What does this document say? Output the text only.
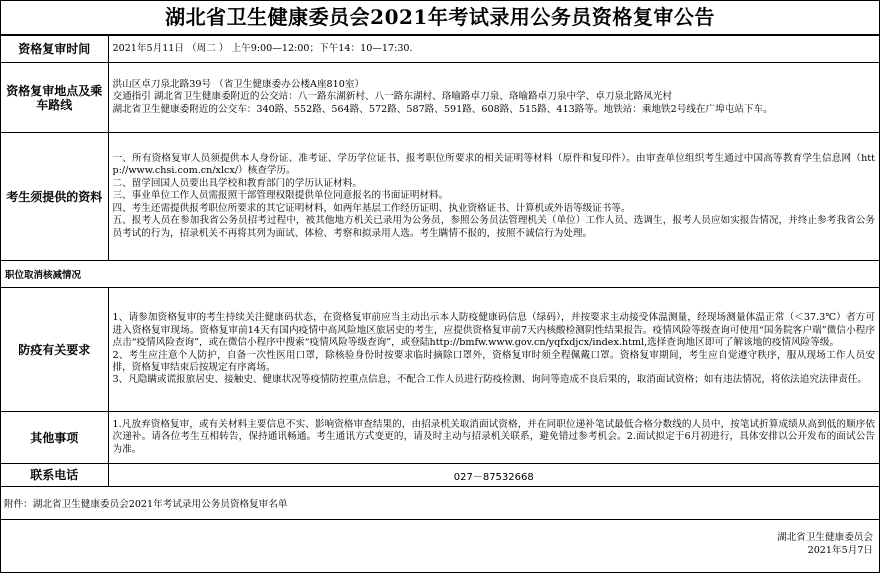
湖北省卫生健康委员会2021年考试录用公务员资格复审公告
资格复审时间	2021年5月11日 （周二 ） 上午9:00—12:00；下午14：10—17:30.
资格复审地点及乘车路线	洪山区卓刀泉北路39号 （省卫生健康委办公楼A座810室）

交通指引 湖北省卫生健康委附近的公交站：八一路东湖新村、八一路东湖村、珞喻路卓刀泉、珞喻路卓刀泉中学、卓刀泉北路凤光村

湖北省卫生健康委附近的公交车：340路、552路、564路、572路、587路、591路、608路、515路、413路等。地铁站：乘地铁2号线在广埠屯站下车。

考生须提供的资料	一、所有资格复审人员须提供本人身份证、准考证、学历学位证书、报考职位所要求的相关证明等材料（原件和复印件）。由审查单位组织考生通过中国高等教育学生信息网（http://www.chsi.com.cn/xlcx/）核查学历。

二、留学回国人员要出具学校和教育部门的学历认证材料。

三、事业单位工作人员需报照干部管理权限提供单位同意报名的书面证明材料。

四、考生还需提供报考职位所要求的其它证明材料，如两年基层工作经历证明、执业资格证书、计算机或外语等级证书等。

五、报考人员在参加我省公务员招考过程中，被其他地方机关已录用为公务员，参照公务员法管理机关（单位）工作人员、选调生，报考人员应如实报告情况，并终止参考我省公务员考试的行为，招录机关不再将其列为面试、体检、考察和拟录用人选。考生瞒情不报的，按照不诚信行为处理。

职位取消核减情况	
防疫有关要求	1、请参加资格复审的考生持续关注健康码状态，在资格复审前应当主动出示本人防疫健康码信息（绿码），并按要求主动接受体温测量，经现场测量体温正常（＜37.3℃）者方可进入资格复审现场。资格复审前14天有国内疫情中高风险地区旅居史的考生，应提供资格复审前7天内核酸检测阴性结果报告。疫情风险等级查询可使用“国务院客户端”微信小程序点击“疫情风险查询”，或在微信小程序中搜索“疫情风险等级查询”，或登陆http://bmfw.www.gov.cn/yqfxdjcx/index.html,选择查询地区即可了解该地的疫情风险等级。

2、考生应注意个人防护，自备一次性医用口罩，除核验身份时按要求临时摘除口罩外，资格复审时须全程佩戴口罩。资格复审期间，考生应自觉遵守秩序，服从现场工作人员安排，资格复审结束后按规定有序离场。

3、凡隐瞒或谎报旅居史、接触史、健康状况等疫情防控重点信息，不配合工作人员进行防疫检测、询问等造成不良后果的，取消面试资格；如有违法情况，将依法追究法律责任。

其他事项	1.凡放弃资格复审，或有关材料主要信息不实、影响资格审查结果的，由招录机关取消面试资格，并在同职位递补笔试最低合格分数线的人员中，按笔试折算成绩从高到低的顺序依次递补。请各位考生互相转告，保持通讯畅通。考生通讯方式变更的，请及时主动与招录机关联系，避免错过参考机会。2.面试拟定于6月初进行，具体安排以公开发布的面试公告为准。

联系电话	027－87532668
附件：湖北省卫生健康委员会2021年考试录用公务员资格复审名单	

湖北省卫生健康委员会
2021年5月7日	
